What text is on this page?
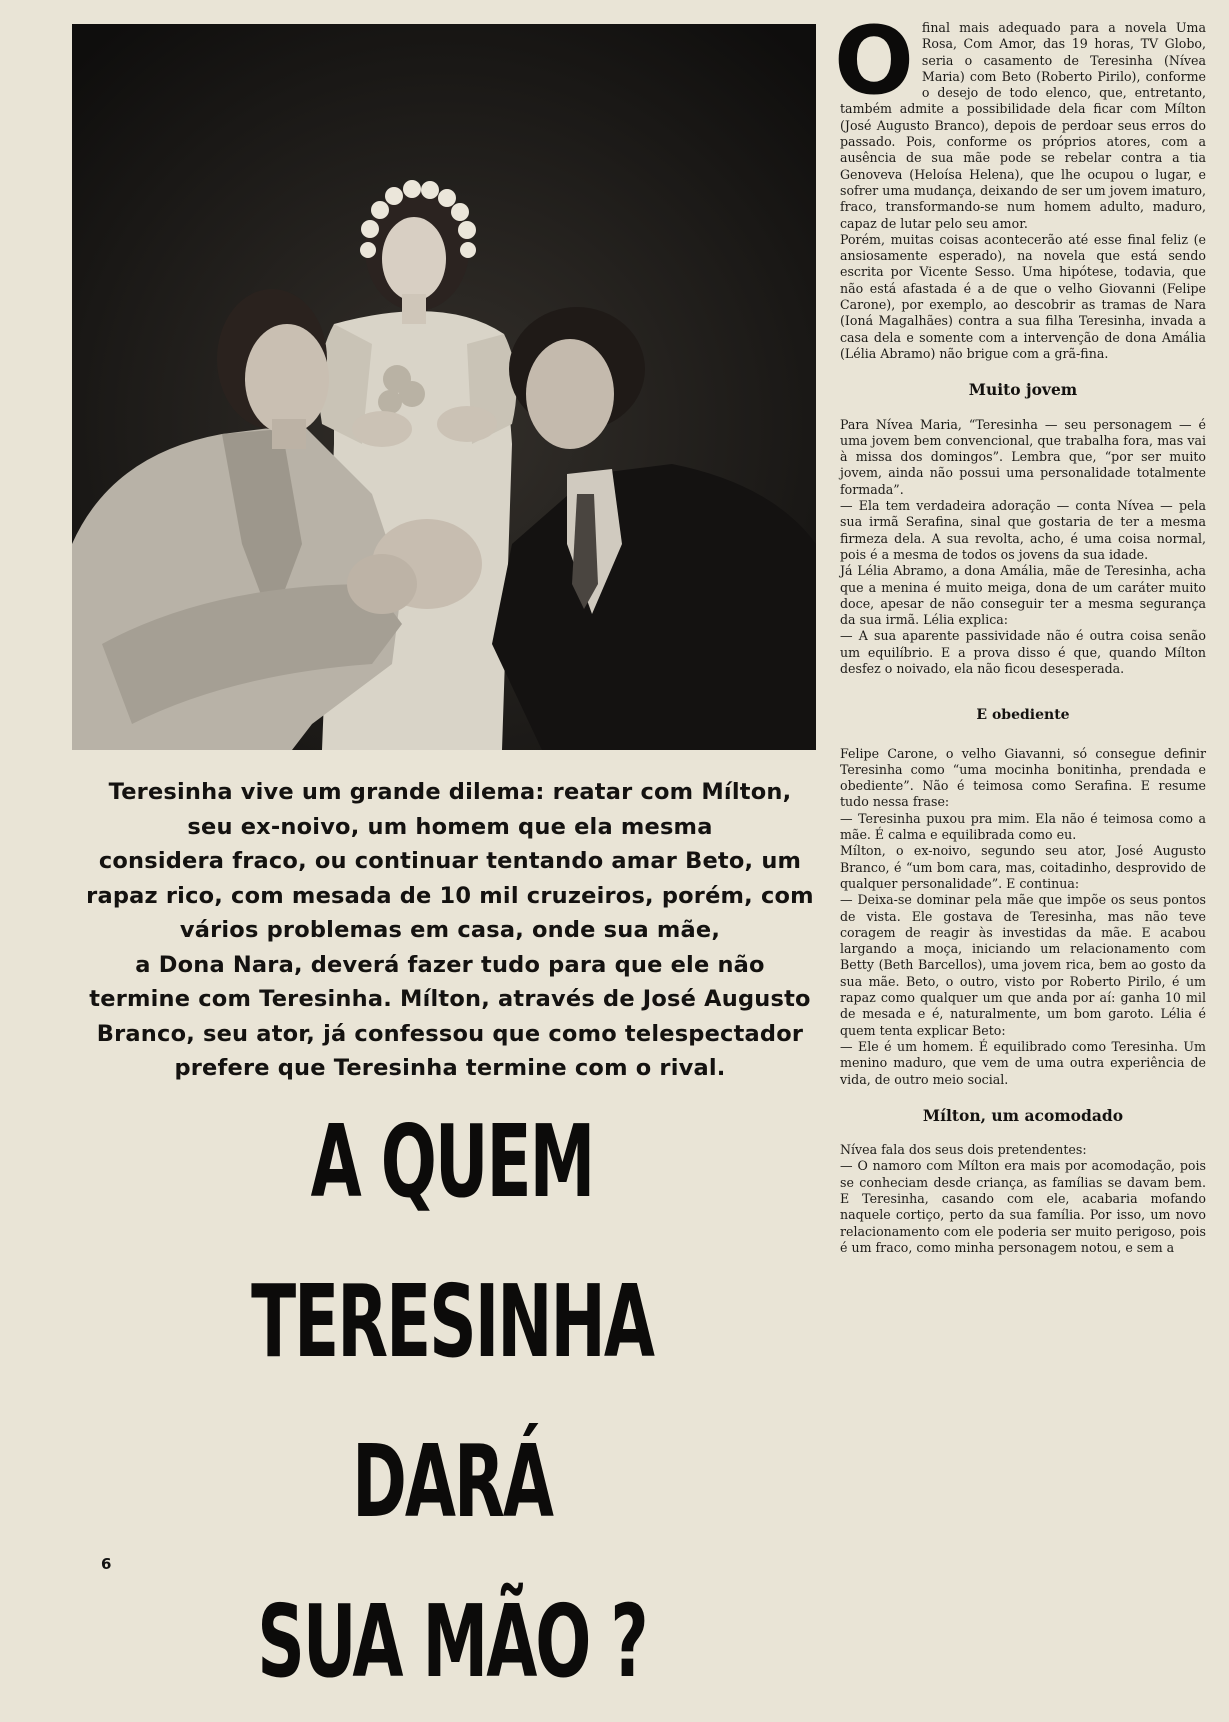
Teresinha vive um grande dilema: reatar com Mílton,
seu ex-noivo, um homem que ela mesma
considera fraco, ou continuar tentando amar Beto, um
rapaz rico, com mesada de 10 mil cruzeiros, porém, com
vários problemas em casa, onde sua mãe,
a Dona Nara, deverá fazer tudo para que ele não
termine com Teresinha. Mílton, através de José Augusto
Branco, seu ator, já confessou que como telespectador
prefere que Teresinha termine com o rival.
A QUEM
TERESINHA DARÁ
SUA MÃO ?
6

Ofinal mais adequado para a novela Uma Rosa, Com Amor, das 19 horas, TV Globo, seria o casamento de Teresinha (Nívea Maria) com Beto (Roberto Pirilo), conforme o desejo de todo elenco, que, entretanto, também admite a possibilidade dela ficar com Mílton (José Augusto Branco), depois de perdoar seus erros do passado. Pois, conforme os próprios atores, com a ausência de sua mãe pode se rebelar contra a tia Genoveva (Heloísa Helena), que lhe ocupou o lugar, e sofrer uma mudança, deixando de ser um jovem imaturo, fraco, transformando-se num homem adulto, maduro, capaz de lutar pelo seu amor.

Porém, muitas coisas acontecerão até esse final feliz (e ansiosamente esperado), na novela que está sendo escrita por Vicente Sesso. Uma hipótese, todavia, que não está afastada é a de que o velho Giovanni (Felipe Carone), por exemplo, ao descobrir as tramas de Nara (Ioná Magalhães) contra a sua filha Teresinha, invada a casa dela e somente com a intervenção de dona Amália (Lélia Abramo) não brigue com a grã-fina.

Muito jovem

Para Nívea Maria, “Teresinha — seu personagem — é uma jovem bem convencional, que trabalha fora, mas vai à missa dos domingos”. Lembra que, “por ser muito jovem, ainda não possui uma personalidade totalmente formada”.

— Ela tem verdadeira adoração — conta Nívea — pela sua irmã Serafina, sinal que gostaria de ter a mesma firmeza dela. A sua revolta, acho, é uma coisa normal, pois é a mesma de todos os jovens da sua idade.

Já Lélia Abramo, a dona Amália, mãe de Teresinha, acha que a menina é muito meiga, dona de um caráter muito doce, apesar de não conseguir ter a mesma segurança da sua irmã. Lélia explica:

— A sua aparente passividade não é outra coisa senão um equilíbrio. E a prova disso é que, quando Mílton desfez o noivado, ela não ficou desesperada.

E obediente

Felipe Carone, o velho Giavanni, só consegue definir Teresinha como “uma mocinha bonitinha, prendada e obediente”. Não é teimosa como Serafina. E resume tudo nessa frase:

— Teresinha puxou pra mim. Ela não é teimosa como a mãe. É calma e equilibrada como eu.

Mílton, o ex-noivo, segundo seu ator, José Augusto Branco, é “um bom cara, mas, coitadinho, desprovido de qualquer personalidade”. E continua:

— Deixa-se dominar pela mãe que impõe os seus pontos de vista. Ele gostava de Teresinha, mas não teve coragem de reagir às investidas da mãe. E acabou largando a moça, iniciando um relacionamento com Betty (Beth Barcellos), uma jovem rica, bem ao gosto da sua mãe. Beto, o outro, visto por Roberto Pirilo, é um rapaz como qualquer um que anda por aí: ganha 10 mil de mesada e é, naturalmente, um bom garoto. Lélia é quem tenta explicar Beto:

— Ele é um homem. É equilibrado como Teresinha. Um menino maduro, que vem de uma outra experiência de vida, de outro meio social.

Mílton, um acomodado

Nívea fala dos seus dois pretendentes:

— O namoro com Mílton era mais por acomodação, pois se conheciam desde criança, as famílias se davam bem. E Teresinha, casando com ele, acabaria mofando naquele cortiço, perto da sua família. Por isso, um novo relacionamento com ele poderia ser muito perigoso, pois é um fraco, como minha personagem notou, e sem a
